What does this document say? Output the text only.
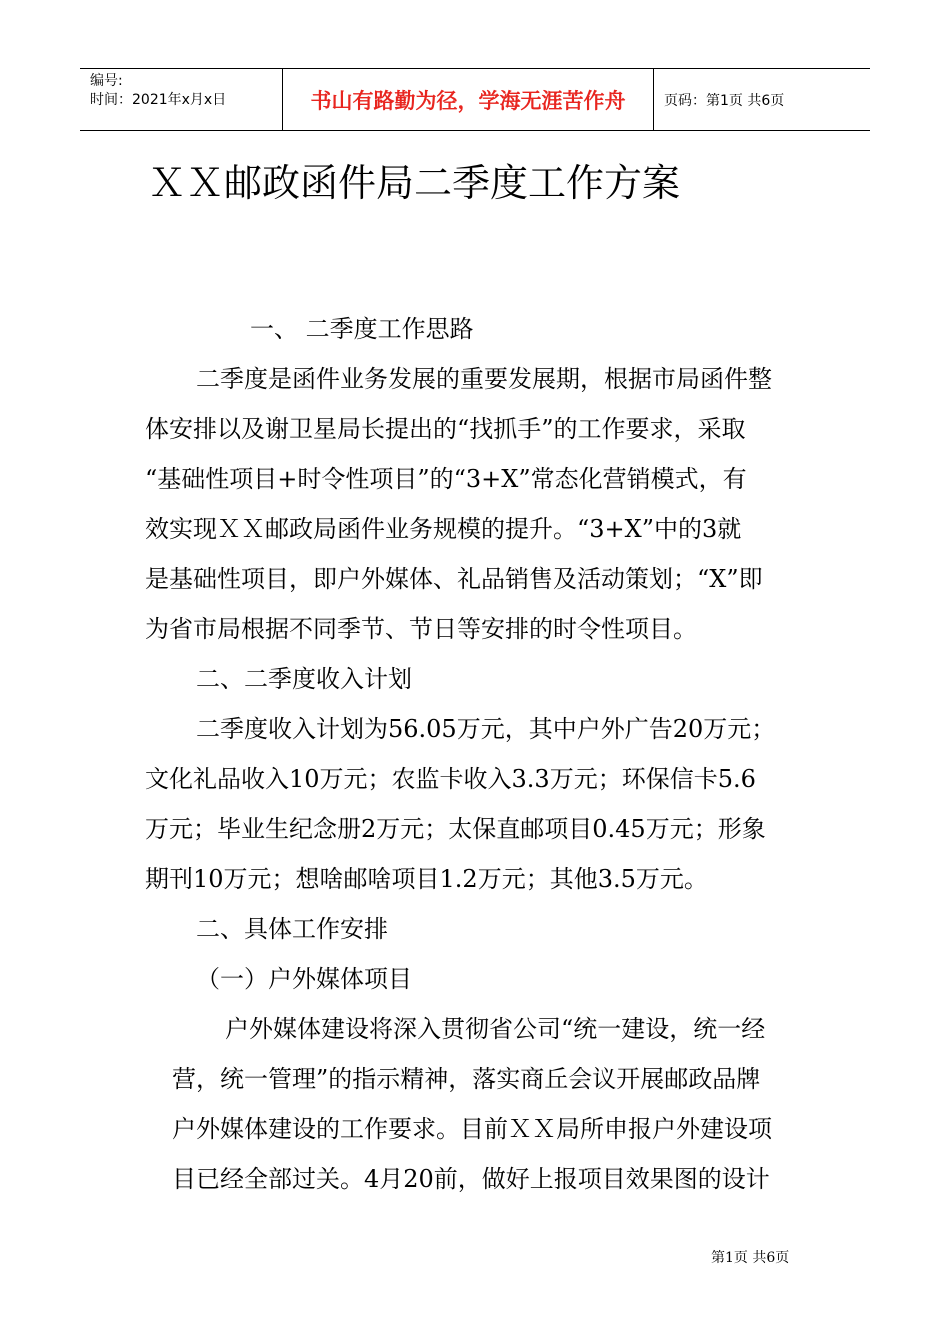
编号:
时间：2021年x月x日	书山有路勤为径，学海无涯苦作舟	页码：第1页 共6页
ＸＸ邮政函件局二季度工作方案
一、 二季度工作思路
二季度是函件业务发展的重要发展期，根据市局函件整
体安排以及谢卫星局长提出的“找抓手”的工作要求，采取
“基础性项目+时令性项目”的“3+X”常态化营销模式，有
效实现ＸＸ邮政局函件业务规模的提升。“3+X”中的3就
是基础性项目，即户外媒体、礼品销售及活动策划；“X”即
为省市局根据不同季节、节日等安排的时令性项目。
二、二季度收入计划
二季度收入计划为56.05万元，其中户外广告20万元；
文化礼品收入10万元；农监卡收入3.3万元；环保信卡5.6
万元；毕业生纪念册2万元；太保直邮项目0.45万元；形象
期刊10万元；想啥邮啥项目1.2万元；其他3.5万元。
二、具体工作安排
（一）户外媒体项目
户外媒体建设将深入贯彻省公司“统一建设，统一经
营，统一管理”的指示精神，落实商丘会议开展邮政品牌
户外媒体建设的工作要求。目前ＸＸ局所申报户外建设项
目已经全部过关。4月20前，做好上报项目效果图的设计
第1页 共6页
